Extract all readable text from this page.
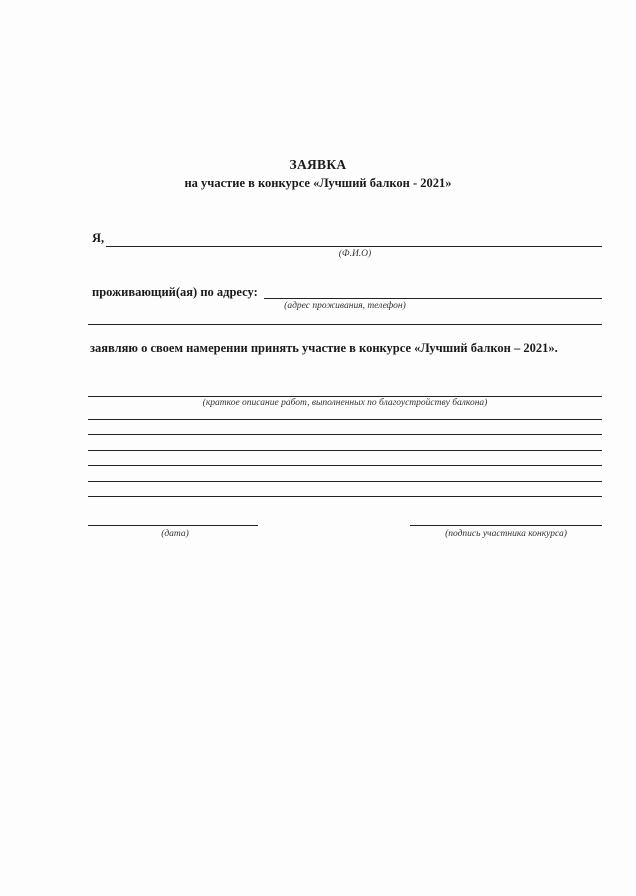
ЗАЯВКА
на участие в конкурсе «Лучший балкон - 2021»
Я,
(Ф.И.О)
проживающий(ая) по адресу:
(адрес проживания, телефон)
заявляю о своем намерении принять участие в конкурсе «Лучший балкон – 2021».
(краткое описание работ, выполненных по благоустройству балкона)
(дата)	(подпись участника конкурса)
